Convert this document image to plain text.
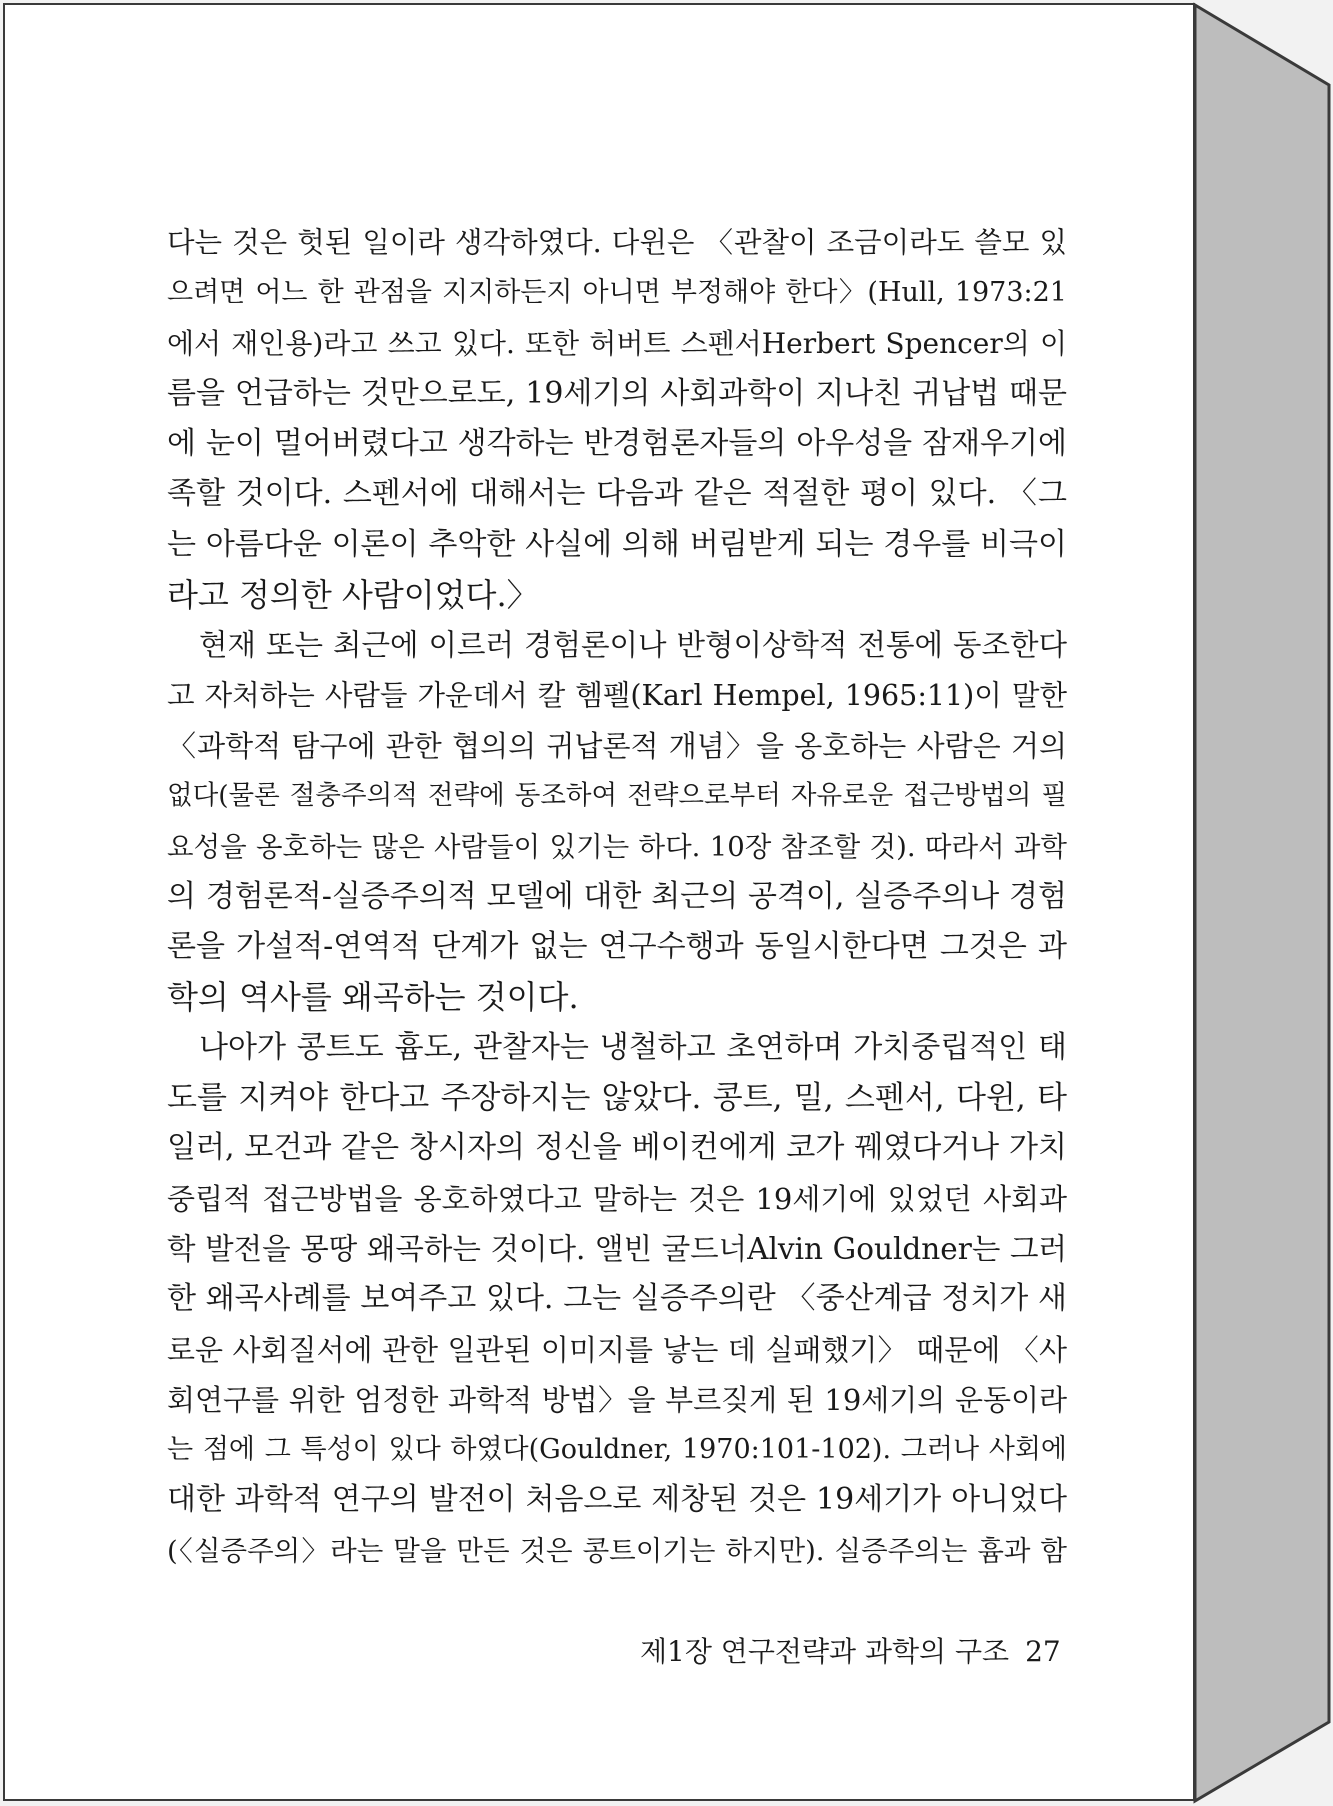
다는 것은 헛된 일이라 생각하였다. 다윈은 〈관찰이 조금이라도 쓸모 있
으려면 어느 한 관점을 지지하든지 아니면 부정해야 한다〉(Hull, 1973:21
에서 재인용)라고 쓰고 있다. 또한 허버트 스펜서Herbert Spencer의 이
름을 언급하는 것만으로도, 19세기의 사회과학이 지나친 귀납법 때문
에 눈이 멀어버렸다고 생각하는 반경험론자들의 아우성을 잠재우기에
족할 것이다. 스펜서에 대해서는 다음과 같은 적절한 평이 있다. 〈그
는 아름다운 이론이 추악한 사실에 의해 버림받게 되는 경우를 비극이
라고 정의한 사람이었다.〉
현재 또는 최근에 이르러 경험론이나 반형이상학적 전통에 동조한다
고 자처하는 사람들 가운데서 칼 헴펠(Karl Hempel, 1965:11)이 말한
〈과학적 탐구에 관한 협의의 귀납론적 개념〉을 옹호하는 사람은 거의
없다(물론 절충주의적 전략에 동조하여 전략으로부터 자유로운 접근방법의 필
요성을 옹호하는 많은 사람들이 있기는 하다. 10장 참조할 것). 따라서 과학
의 경험론적-실증주의적 모델에 대한 최근의 공격이, 실증주의나 경험
론을 가설적-연역적 단계가 없는 연구수행과 동일시한다면 그것은 과
학의 역사를 왜곡하는 것이다.
나아가 콩트도 흄도, 관찰자는 냉철하고 초연하며 가치중립적인 태
도를 지켜야 한다고 주장하지는 않았다. 콩트, 밀, 스펜서, 다윈, 타
일러, 모건과 같은 창시자의 정신을 베이컨에게 코가 꿰였다거나 가치
중립적 접근방법을 옹호하였다고 말하는 것은 19세기에 있었던 사회과
학 발전을 몽땅 왜곡하는 것이다. 앨빈 굴드너Alvin Gouldner는 그러
한 왜곡사례를 보여주고 있다. 그는 실증주의란 〈중산계급 정치가 새
로운 사회질서에 관한 일관된 이미지를 낳는 데 실패했기〉 때문에 〈사
회연구를 위한 엄정한 과학적 방법〉을 부르짖게 된 19세기의 운동이라
는 점에 그 특성이 있다 하였다(Gouldner, 1970:101-102). 그러나 사회에
대한 과학적 연구의 발전이 처음으로 제창된 것은 19세기가 아니었다
(〈실증주의〉라는 말을 만든 것은 콩트이기는 하지만). 실증주의는 흄과 함
제1장 연구전략과 과학의 구조 27
